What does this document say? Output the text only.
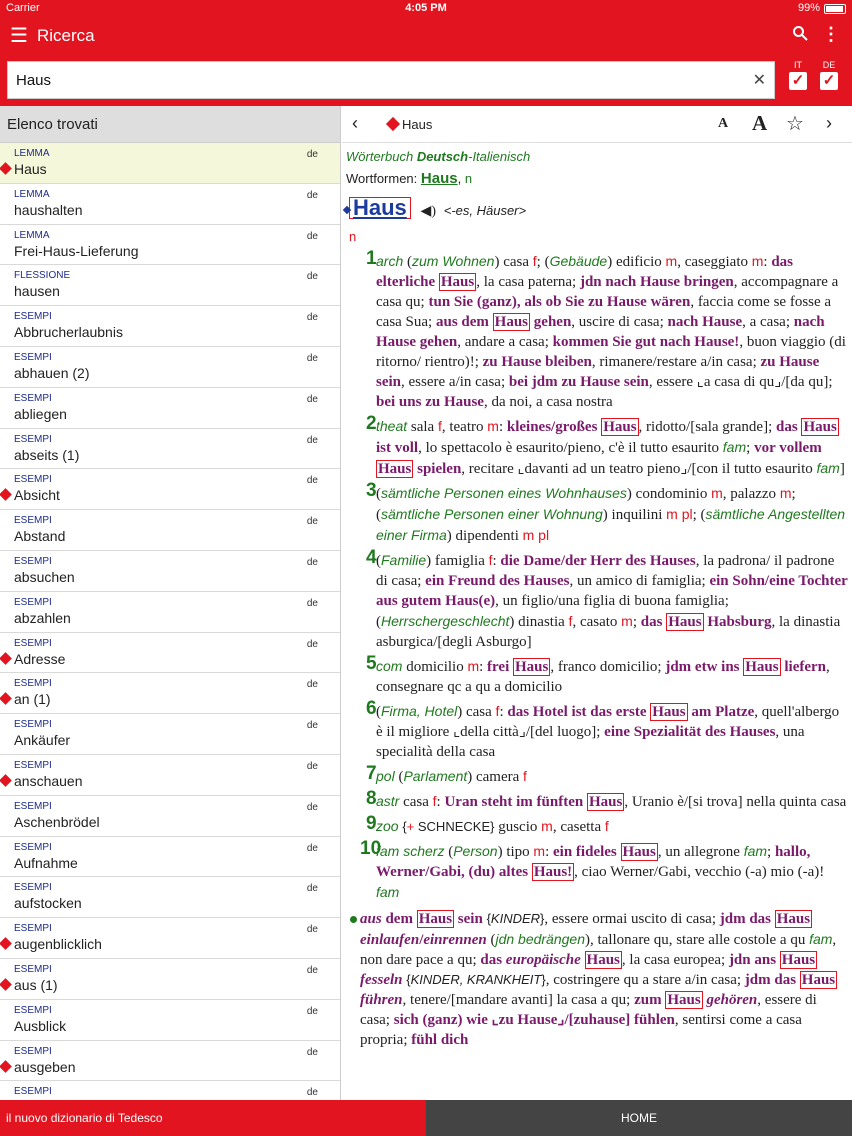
Carrier	4:05 PM	99%
☰ Ricerca	⋮
Haus
✕
IT
✓
DE
✓
Elenco trovati
LEMMA
Haus
de
LEMMA
haushalten
de
LEMMA
Frei-Haus-Lieferung
de
FLESSIONE
hausen
de
ESEMPI
Abbrucherlaubnis
de
ESEMPI
abhauen (2)
de
ESEMPI
abliegen
de
ESEMPI
abseits (1)
de
ESEMPI
Absicht
de
ESEMPI
Abstand
de
ESEMPI
absuchen
de
ESEMPI
abzahlen
de
ESEMPI
Adresse
de
ESEMPI
an (1)
de
ESEMPI
Ankäufer
de
ESEMPI
anschauen
de
ESEMPI
Aschenbrödel
de
ESEMPI
Aufnahme
de
ESEMPI
aufstocken
de
ESEMPI
augenblicklich
de
ESEMPI
aus (1)
de
ESEMPI
Ausblick
de
ESEMPI
ausgeben
de
ESEMPI	de
‹	Haus	A A ☆ ›
Wörterbuch Deutsch-Italienisch
Wortformen: Haus, n
Haus ◀) <-es, Häuser>
n
1 arch (zum Wohnen) casa f; (Gebäude) edificio m, caseggiato m: das elterliche Haus , la casa paterna; jdn nach Hause bringen, accompagnare a casa qu; tun Sie (ganz), als ob Sie zu Hause wären, faccia come se fosse a casa Sua; aus dem Haus gehen, uscire di casa; nach Hause, a casa; nach Hause gehen, andare a casa; kommen Sie gut nach Hause!, buon viaggio (di ritorno/ rientro)!; zu Hause bleiben, rimanere/restare a/in casa; zu Hause sein, essere a/in casa; bei jdm zu Hause sein, essere ⌞a casa di qu⌟/[da qu]; bei uns zu Hause, da noi, a casa nostra
2 theat sala f, teatro m: kleines/großes Haus , ridotto/[sala grande]; das Haus ist voll, lo spettacolo è esaurito/pieno, c'è il tutto esaurito fam; vor vollem Haus spielen, recitare ⌞davanti ad un teatro pieno⌟/[con il tutto esaurito fam]
3 (sämtliche Personen eines Wohnhauses) condominio m, palazzo m; (sämtliche Personen einer Wohnung) inquilini m pl; (sämtliche Angestellten einer Firma) dipendenti m pl
4 (Familie) famiglia f: die Dame/der Herr des Hauses, la padrona/ il padrone di casa; ein Freund des Hauses, un amico di famiglia; ein Sohn/eine Tochter aus gutem Haus(e), un figlio/una figlia di buona famiglia; (Herrschergeschlecht) dinastia f, casato m; das Haus Habsburg, la dinastia asburgica/[degli Asburgo]
5 com domicilio m: frei Haus , franco domicilio; jdm etw ins Haus liefern, consegnare qc a qu a domicilio
6 (Firma, Hotel) casa f: das Hotel ist das erste Haus am Platze, quell'albergo è il migliore ⌞della città⌟/[del luogo]; eine Spezialität des Hauses, una specialità della casa
7 pol (Parlament) camera f
8 astr casa f: Uran steht im fünften Haus , Uranio è/[si trova] nella quinta casa
9 zoo {+ SCHNECKE} guscio m, casetta f
10
fam scherz (Person) tipo m: ein fideles Haus , un allegrone fam; hallo, Werner/Gabi, (du) altes Haus! , ciao Werner/Gabi, vecchio (-a) mio (-a)! fam
aus dem Haus sein {KINDER}, essere ormai uscito di casa; jdm das Haus einlaufen/einrennen (jdn bedrängen), tallonare qu, stare alle costole a qu fam, non dare pace a qu; das europäische Haus , la casa europea; jdn ans Haus fesseln {KINDER, KRANKHEIT}, costringere qu a stare a/in casa; jdm das Haus führen, tenere/[mandare avanti] la casa a qu; zum Haus gehören, essere di casa; sich (ganz) wie ⌞zu Hause⌟/[zuhause] fühlen, sentirsi come a casa propria; fühl dich
il nuovo dizionario di Tedesco	HOME
